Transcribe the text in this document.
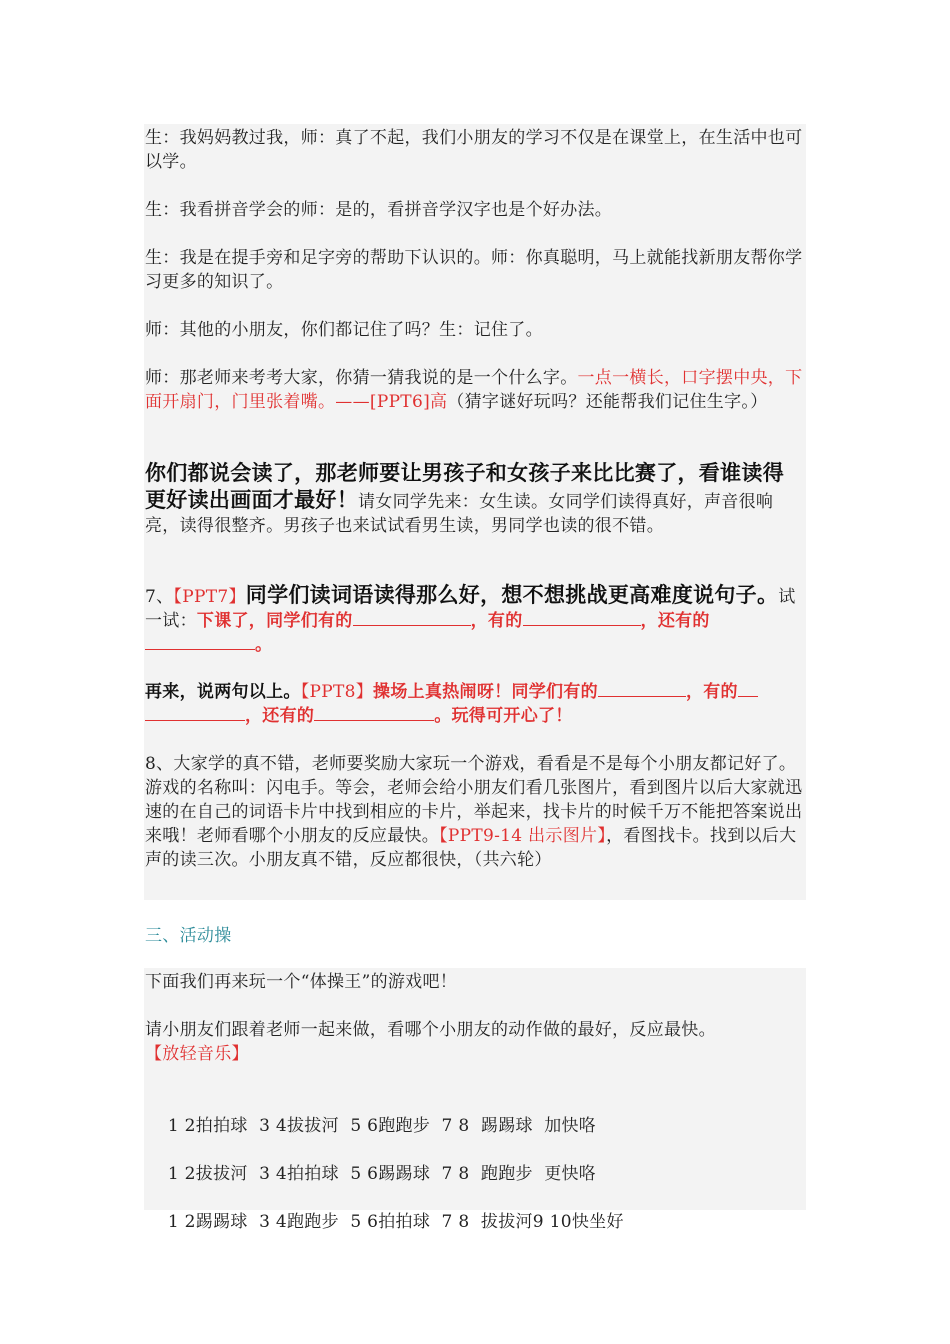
生：我妈妈教过我，师：真了不起，我们小朋友的学习不仅是在课堂上，在生活中也可以学。
生：我看拼音学会的师：是的，看拼音学汉字也是个好办法。
生：我是在提手旁和足字旁的帮助下认识的。师：你真聪明，马上就能找新朋友帮你学习更多的知识了。
师：其他的小朋友，你们都记住了吗？生：记住了。
师：那老师来考考大家，你猜一猜我说的是一个什么字。一点一横长，口字摆中央，下面开扇门，门里张着嘴。——[PPT6]高（猜字谜好玩吗？还能帮我们记住生字。）
你们都说会读了，那老师要让男孩子和女孩子来比比赛了，看谁读得更好读出画面才最好！请女同学先来：女生读。女同学们读得真好，声音很响亮，读得很整齐。男孩子也来试试看男生读，男同学也读的很不错。
7、【PPT7】同学们读词语读得那么好，想不想挑战更高难度说句子。试一试：下课了，同学们有的	，有的	，还有的。
再来，说两句以上。【PPT8】操场上真热闹呀！同学们有的	，有的，还有的	。玩得可开心了！
8、大家学的真不错，老师要奖励大家玩一个游戏，看看是不是每个小朋友都记好了。游戏的名称叫：闪电手。等会，老师会给小朋友们看几张图片，看到图片以后大家就迅速的在自己的词语卡片中找到相应的卡片，举起来，找卡片的时候千万不能把答案说出来哦！老师看哪个小朋友的反应最快。【PPT9-14 出示图片】，看图找卡。找到以后大声的读三次。小朋友真不错，反应都很快，（共六轮）
三、活动操
下面我们再来玩一个“体操王”的游戏吧！
请小朋友们跟着老师一起来做，看哪个小朋友的动作做的最好，反应最快。【放轻音乐】

1 2拍拍球  3 4拔拔河  5 6跑跑步  7 8  踢踢球  加快咯

1 2拔拔河  3 4拍拍球  5 6踢踢球  7 8  跑跑步  更快咯

1 2踢踢球  3 4跑跑步  5 6拍拍球  7 8  拔拔河9 10快坐好
